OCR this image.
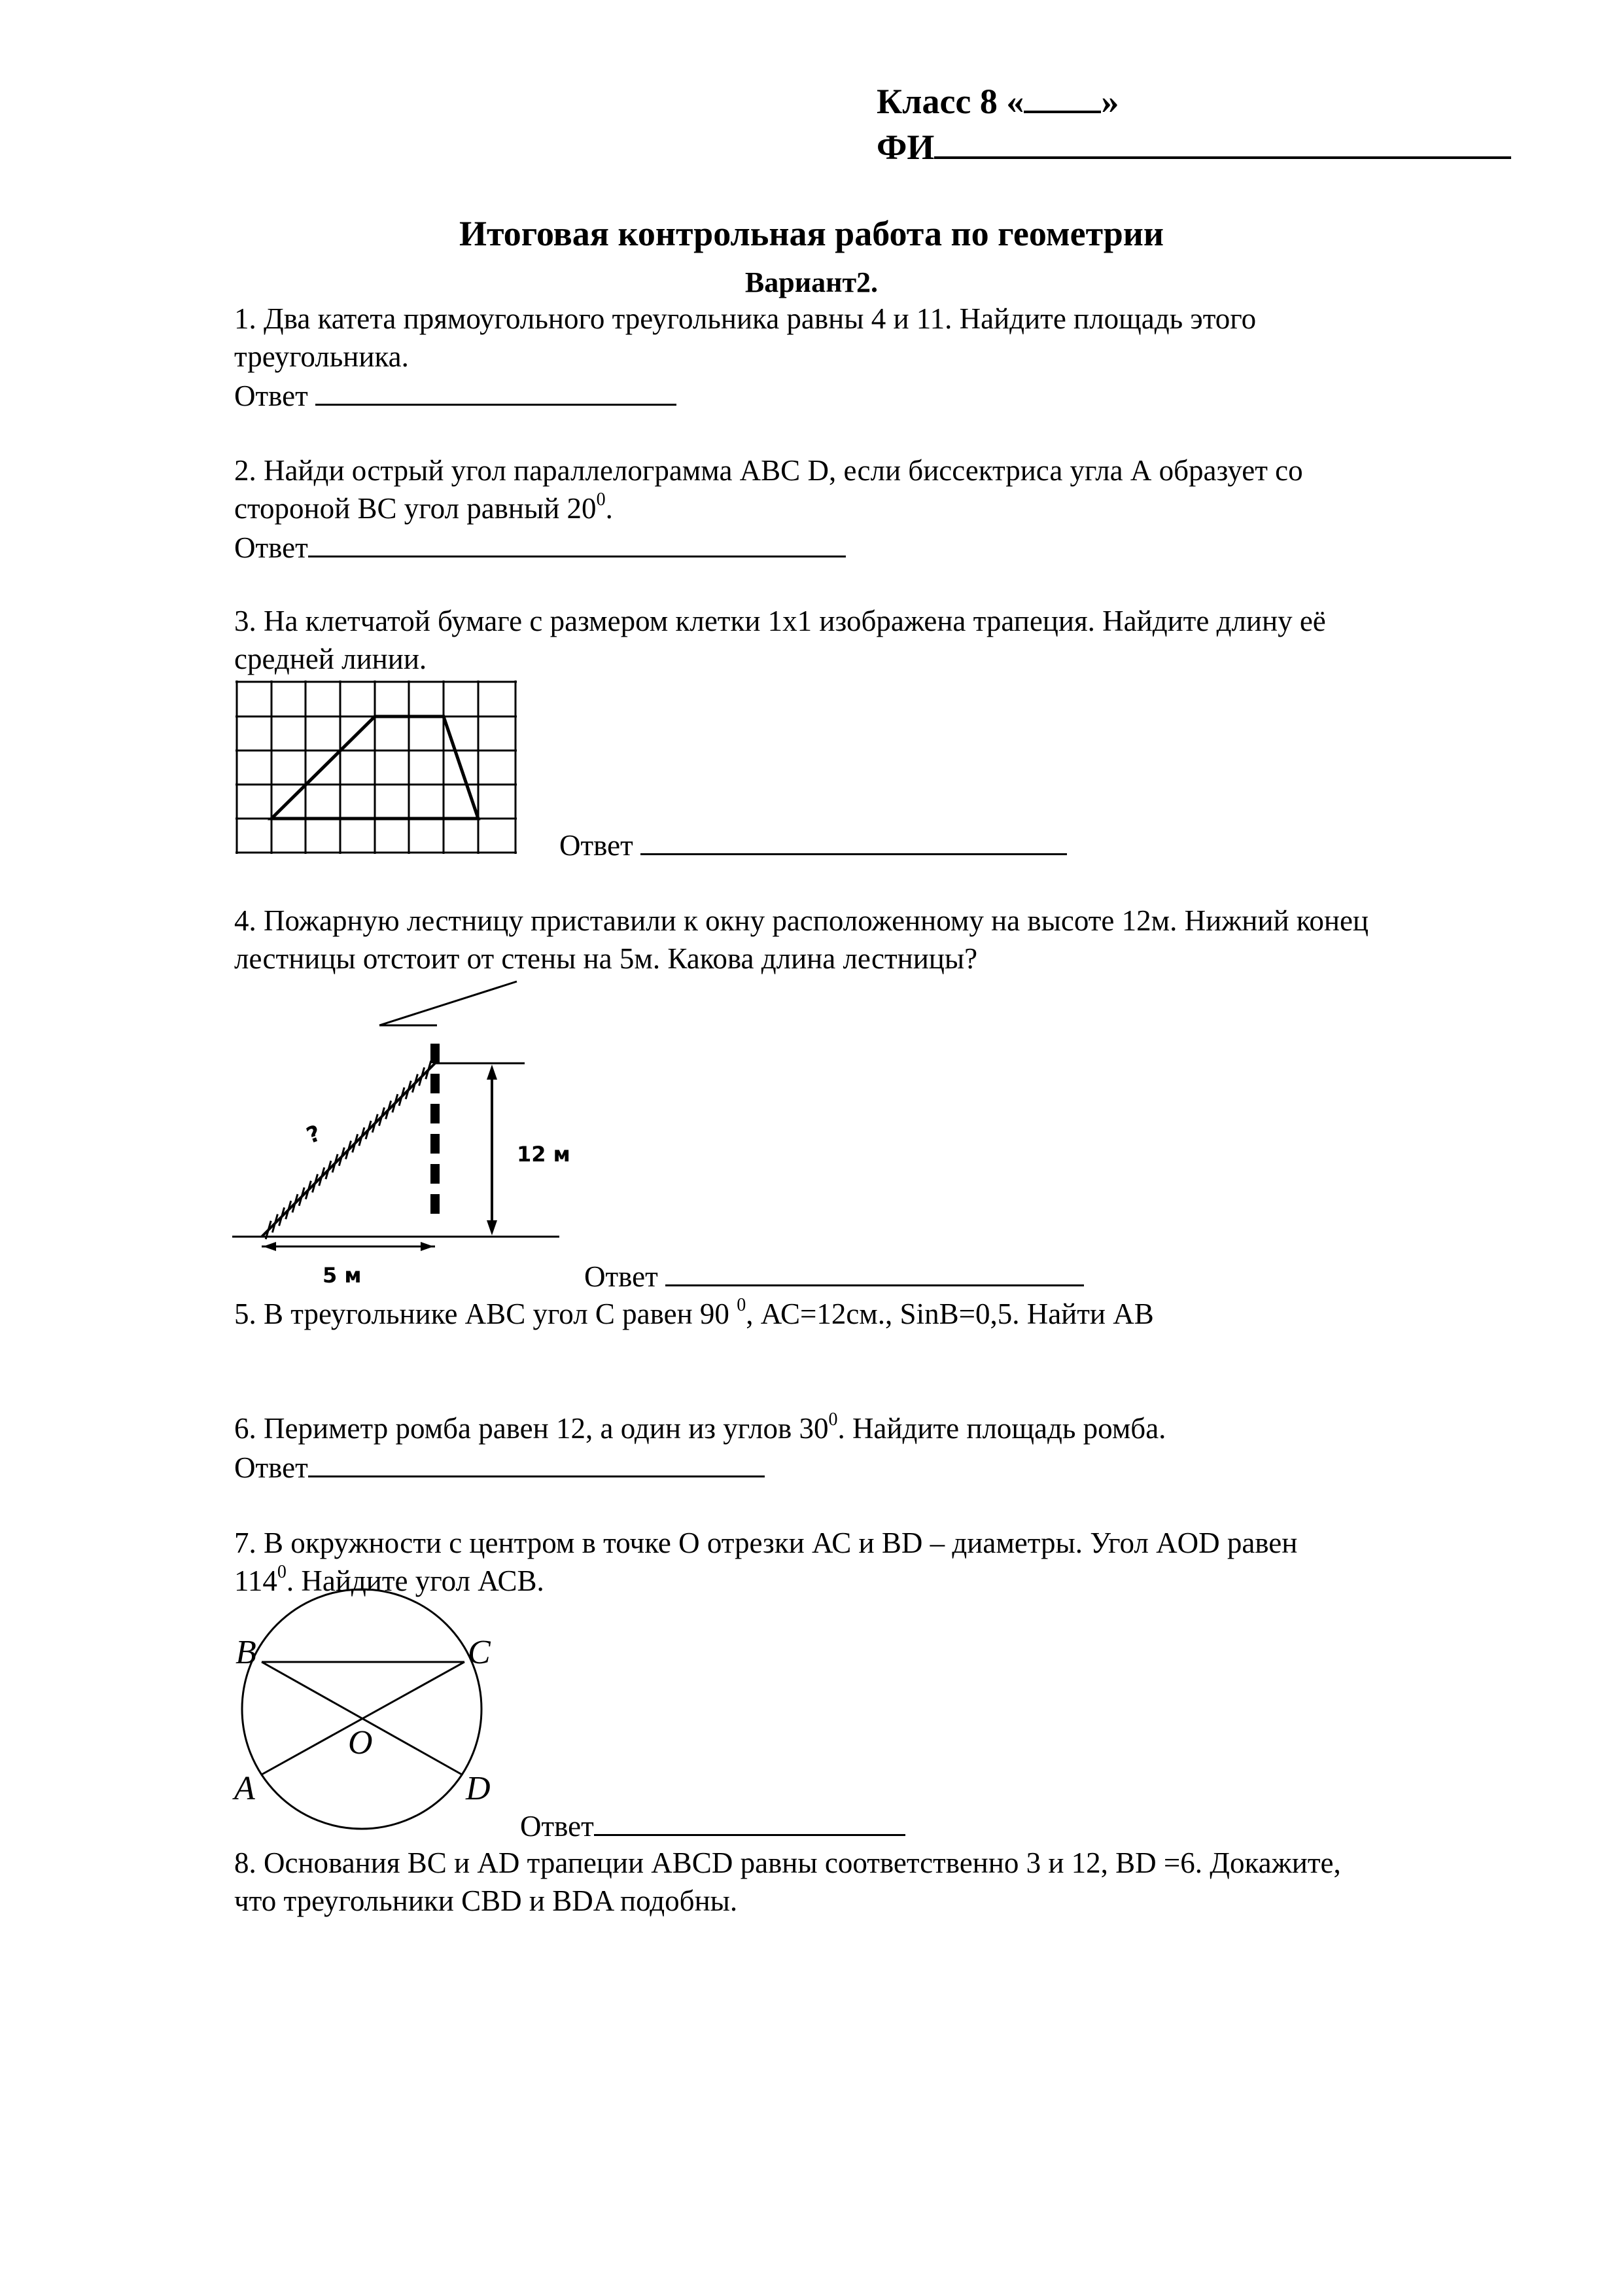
Класс 8 « »
ФИ
Итоговая контрольная работа по геометрии
Вариант2.
1. Два катета прямоугольного треугольника равны 4 и 11. Найдите площадь этого
треугольника.
Ответ
2. Найди острый угол параллелограмма АВС D, если биссектриса угла А образует со
стороной ВС угол равный $20^0$.
Ответ
3. На клетчатой бумаге с размером клетки 1х1 изображена трапеция. Найдите длину её
средней линии.
Ответ
4. Пожарную лестницу приставили к окну расположенному на высоте 12м. Нижний конец
лестницы отстоит от стены на 5м. Какова длина лестницы?
?
12 м
5 м	Ответ
5. В треугольнике АВС угол С равен 90 $^0$, АС=12см., SinB=0,5. Найти АВ
6. Периметр ромба равен 12, а один из углов $30^0$. Найдите площадь ромба.
Ответ
7. В окружности с центром в точке О отрезки АС и BD – диаметры. Угол AOD равен
$114^0$. Найдите угол АСВ.
B	C
O
A	D
Ответ
8. Основания ВС и AD трапеции ABCD равны соответственно 3 и 12, BD =6. Докажите,
что треугольники CBD и BDA подобны.
